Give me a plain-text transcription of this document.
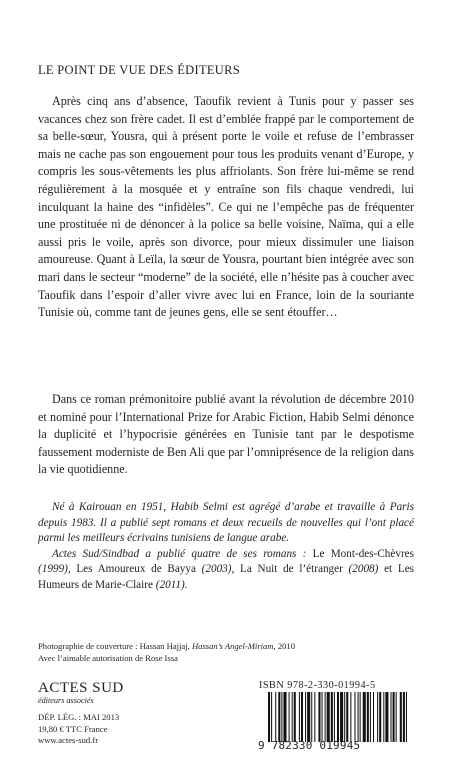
LE POINT DE VUE DES ÉDITEURS
Après cinq ans d’absence, Taoufik revient à Tunis pour y passer ses vacances chez son frère cadet. Il est d’emblée frappé par le comportement de sa belle-sœur, Yousra, qui à présent porte le voile et refuse de l’embrasser mais ne cache pas son engouement pour tous les produits venant d’Europe, y compris les sous-vêtements les plus affriolants. Son frère lui-même se rend régulièrement à la mosquée et y entraîne son fils chaque vendredi, lui inculquant la haine des “infidèles”. Ce qui ne l’empêche pas de fréquenter une prostituée ni de dénoncer à la police sa belle voisine, Naïma, qui a elle aussi pris le voile, après son divorce, pour mieux dissimuler une liaison amoureuse. Quant à Leïla, la sœur de Yousra, pourtant bien intégrée avec son mari dans le secteur “moderne” de la société, elle n’hésite pas à coucher avec Taoufik dans l’espoir d’aller vivre avec lui en France, loin de la souriante Tunisie où, comme tant de jeunes gens, elle se sent étouffer…
Dans ce roman prémonitoire publié avant la révolution de décembre 2010 et nominé pour l’International Prize for Arabic Fiction, Habib Selmi dénonce la duplicité et l’hypocrisie générées en Tunisie tant par le despotisme faussement moderniste de Ben Ali que par l’omniprésence de la religion dans la vie quotidienne.
Né à Kairouan en 1951, Habib Selmi est agrégé d’arabe et travaille à Paris depuis 1983. Il a publié sept romans et deux recueils de nouvelles qui l’ont placé parmi les meilleurs écrivains tunisiens de langue arabe.
Actes Sud/Sindbad a publié quatre de ses romans : Le Mont-des-Chèvres (1999), Les Amoureux de Bayya (2003), La Nuit de l’étranger (2008) et Les Humeurs de Marie-Claire (2011).
Photographie de couverture : Hassan Hajjaj, Hassan’s Angel-Miriam, 2010
Avec l’aimable autorisation de Rose Issa
ACTES SUD
éditeurs associés
DÉP. LÉG. : MAI 2013
19,80 € TTC France
www.actes-sud.fr
ISBN 978-2-330-01994-5
9 782330 019945
